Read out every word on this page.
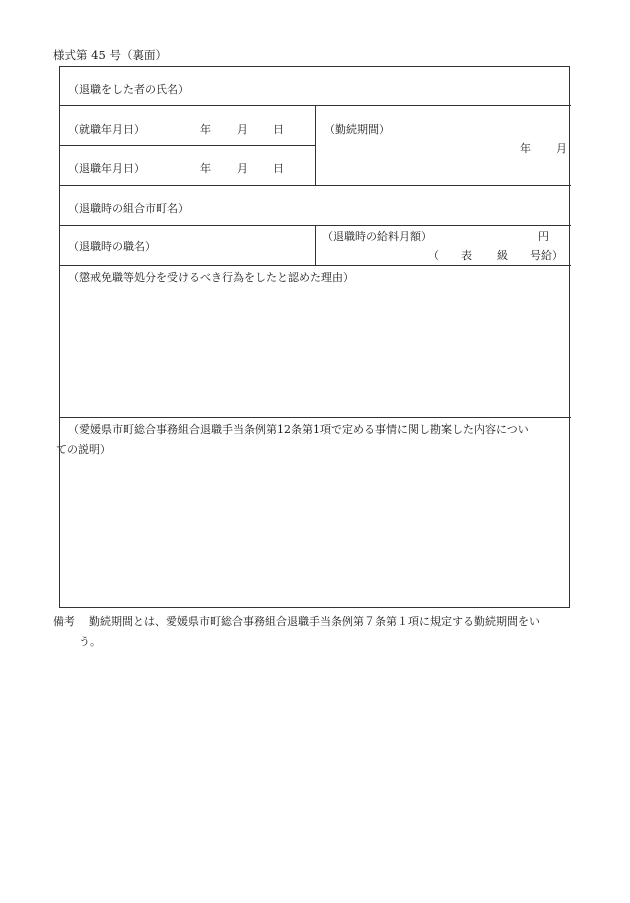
様式第 45 号（裏面）
（退職をした者の氏名）
（就職年月日）	年 月 日
（退職年月日）	年 月 日
（勤続期間）
年 月
（退職時の組合市町名）
（退職時の職名）
（退職時の給料月額）	円
（ 表 級 号給）
（懲戒免職等処分を受けるべき行為をしたと認めた理由）
（愛媛県市町総合事務組合退職手当条例第12条第1項で定める事情に関し勘案した内容につい
ての説明）
備考 勤続期間とは、愛媛県市町総合事務組合退職手当条例第７条第１項に規定する勤続期間をい
う。
